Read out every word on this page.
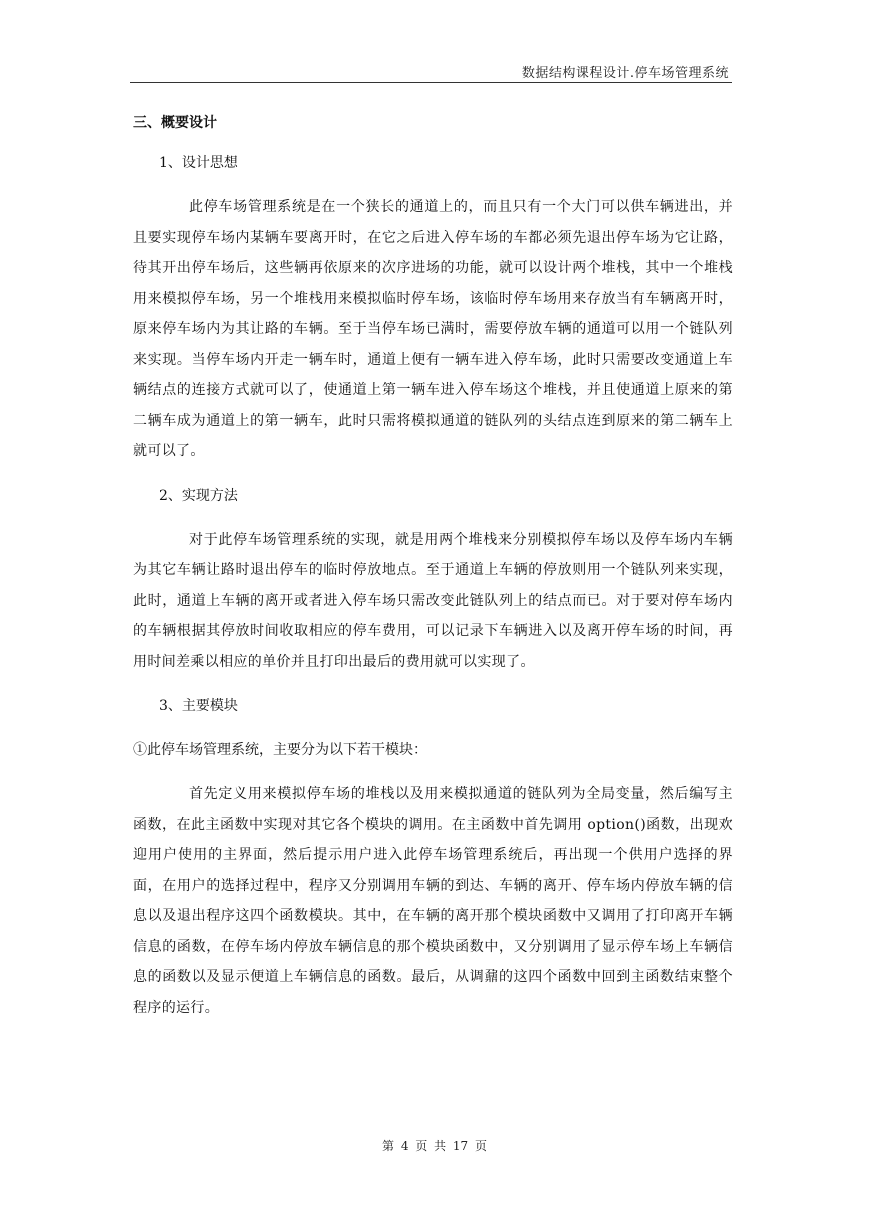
数据结构课程设计.停车场管理系统
三、概要设计
1、设计思想

此停车场管理系统是在一个狭长的通道上的，而且只有一个大门可以供车辆进出，并且要实现停车场内某辆车要离开时，在它之后进入停车场的车都必须先退出停车场为它让路，待其开出停车场后，这些辆再依原来的次序进场的功能，就可以设计两个堆栈，其中一个堆栈用来模拟停车场，另一个堆栈用来模拟临时停车场，该临时停车场用来存放当有车辆离开时，原来停车场内为其让路的车辆。至于当停车场已满时，需要停放车辆的通道可以用一个链队列来实现。当停车场内开走一辆车时，通道上便有一辆车进入停车场，此时只需要改变通道上车辆结点的连接方式就可以了，使通道上第一辆车进入停车场这个堆栈，并且使通道上原来的第二辆车成为通道上的第一辆车，此时只需将模拟通道的链队列的头结点连到原来的第二辆车上就可以了。

2、实现方法

对于此停车场管理系统的实现，就是用两个堆栈来分别模拟停车场以及停车场内车辆为其它车辆让路时退出停车的临时停放地点。至于通道上车辆的停放则用一个链队列来实现，此时，通道上车辆的离开或者进入停车场只需改变此链队列上的结点而已。对于要对停车场内的车辆根据其停放时间收取相应的停车费用，可以记录下车辆进入以及离开停车场的时间，再用时间差乘以相应的单价并且打印出最后的费用就可以实现了。

3、主要模块
①此停车场管理系统，主要分为以下若干模块：

首先定义用来模拟停车场的堆栈以及用来模拟通道的链队列为全局变量，然后编写主函数，在此主函数中实现对其它各个模块的调用。在主函数中首先调用 option()函数，出现欢迎用户使用的主界面，然后提示用户进入此停车场管理系统后，再出现一个供用户选择的界面，在用户的选择过程中，程序又分别调用车辆的到达、车辆的离开、停车场内停放车辆的信息以及退出程序这四个函数模块。其中，在车辆的离开那个模块函数中又调用了打印离开车辆信息的函数，在停车场内停放车辆信息的那个模块函数中，又分别调用了显示停车场上车辆信息的函数以及显示便道上车辆信息的函数。最后，从调鼐的这四个函数中回到主函数结束整个程序的运行。

第 4 页 共 17 页
